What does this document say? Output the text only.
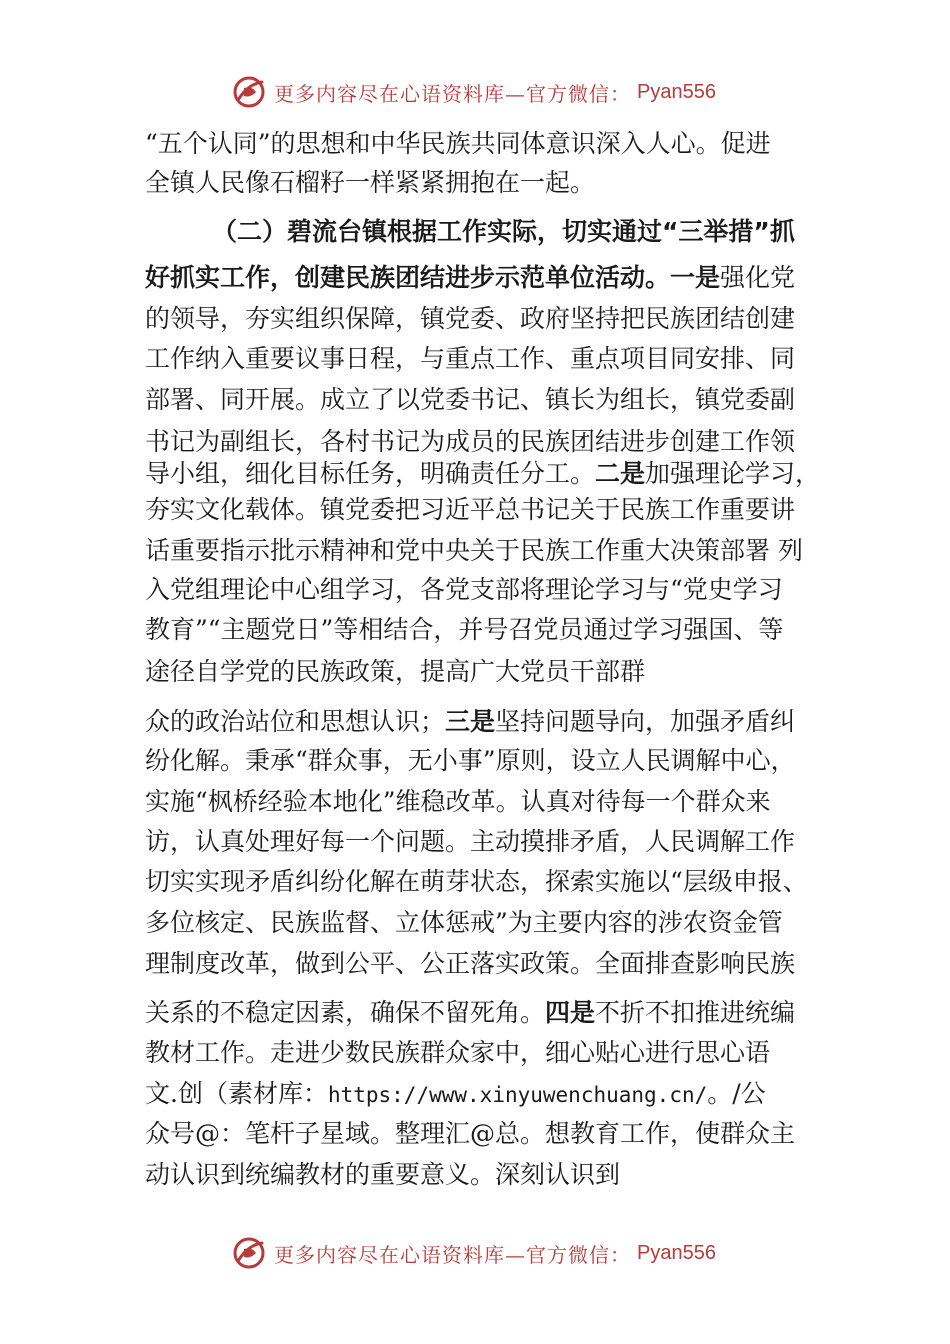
更多内容尽在心语资料库—官方微信： Pyan556

“五个认同”的思想和中华民族共同体意识深入人心。促进

全镇人民像石榴籽一样紧紧拥抱在一起。

（二）碧流台镇根据工作实际，切实通过“三举措”抓

好抓实工作，创建民族团结进步示范单位活动。一是强化党

的领导，夯实组织保障，镇党委、政府坚持把民族团结创建

工作纳入重要议事日程，与重点工作、重点项目同安排、同

部署、同开展。成立了以党委书记、镇长为组长，镇党委副

书记为副组长，各村书记为成员的民族团结进步创建工作领

导小组，细化目标任务，明确责任分工。二是加强理论学习，

夯实文化载体。镇党委把习近平总书记关于民族工作重要讲

话重要指示批示精神和党中央关于民族工作重大决策部署 列

入党组理论中心组学习，各党支部将理论学习与“党史学习

教育”“主题党日”等相结合，并号召党员通过学习强国、等

途径自学党的民族政策，提高广大党员干部群

众的政治站位和思想认识；三是坚持问题导向，加强矛盾纠

纷化解。秉承“群众事，无小事”原则，设立人民调解中心，

实施“枫桥经验本地化”维稳改革。认真对待每一个群众来

访，认真处理好每一个问题。主动摸排矛盾，人民调解工作

切实实现矛盾纠纷化解在萌芽状态，探索实施以“层级申报、

多位核定、民族监督、立体惩戒”为主要内容的涉农资金管

理制度改革，做到公平、公正落实政策。全面排查影响民族

关系的不稳定因素，确保不留死角。四是不折不扣推进统编

教材工作。走进少数民族群众家中，细心贴心进行思心语

文.创（素材库：https://www.xinyuwenchuang.cn/。/公

众号@：笔杆子星域。整理汇@总。想教育工作，使群众主

动认识到统编教材的重要意义。深刻认识到

更多内容尽在心语资料库—官方微信： Pyan556
